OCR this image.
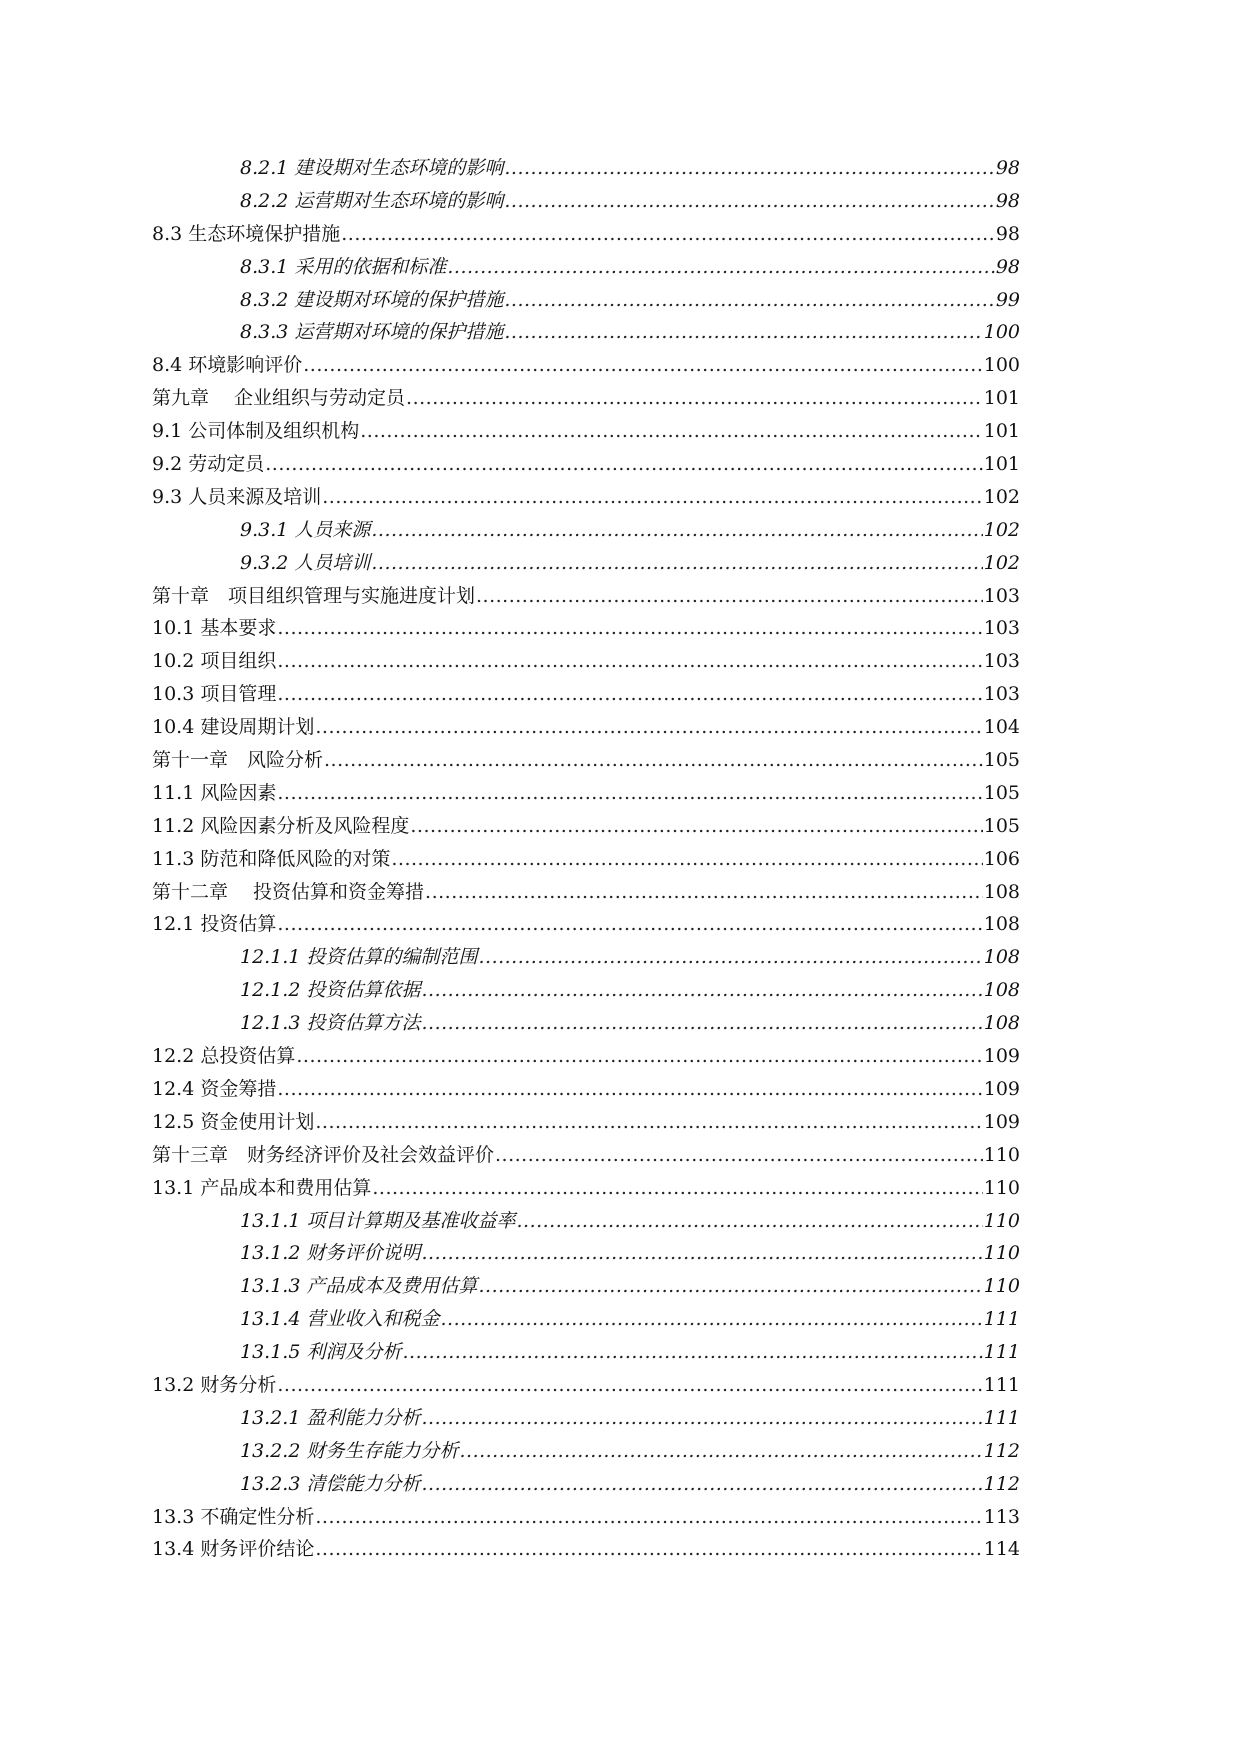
8.2.1 建设期对生态环境的影响 .....	98
8.2.2 运营期对生态环境的影响 .....	98
8.3 生态环境保护措施 .....	98
8.3.1 采用的依据和标准 .....	98
8.3.2 建设期对环境的保护措施 .....	99
8.3.3 运营期对环境的保护措施 .....	100
8.4 环境影响评价 .....	100
第九章　 企业组织与劳动定员 .....	101
9.1 公司体制及组织机构 .....	101
9.2 劳动定员 .....	101
9.3 人员来源及培训 .....	102
9.3.1 人员来源 .....	102
9.3.2 人员培训 .....	102
第十章　项目组织管理与实施进度计划 .....	103
10.1 基本要求 .....	103
10.2 项目组织 .....	103
10.3 项目管理 .....	103
10.4 建设周期计划 .....	104
第十一章　风险分析 .....	105
11.1 风险因素 .....	105
11.2 风险因素分析及风险程度 .....	105
11.3 防范和降低风险的对策 .....	106
第十二章　 投资估算和资金筹措 .....	108
12.1 投资估算 .....	108
12.1.1 投资估算的编制范围 .....	108
12.1.2 投资估算依据 .....	108
12.1.3 投资估算方法 .....	108
12.2 总投资估算 .....	109
12.4 资金筹措 .....	109
12.5 资金使用计划 .....	109
第十三章　财务经济评价及社会效益评价 .....	110
13.1 产品成本和费用估算 .....	110
13.1.1 项目计算期及基准收益率 .....	110
13.1.2 财务评价说明 .....	110
13.1.3 产品成本及费用估算 .....	110
13.1.4 营业收入和税金 .....	111
13.1.5 利润及分析 .....	111
13.2 财务分析 .....	111
13.2.1 盈利能力分析 .....	111
13.2.2 财务生存能力分析 .....	112
13.2.3 清偿能力分析 .....	112
13.3 不确定性分析 .....	113
13.4 财务评价结论 .....	114
